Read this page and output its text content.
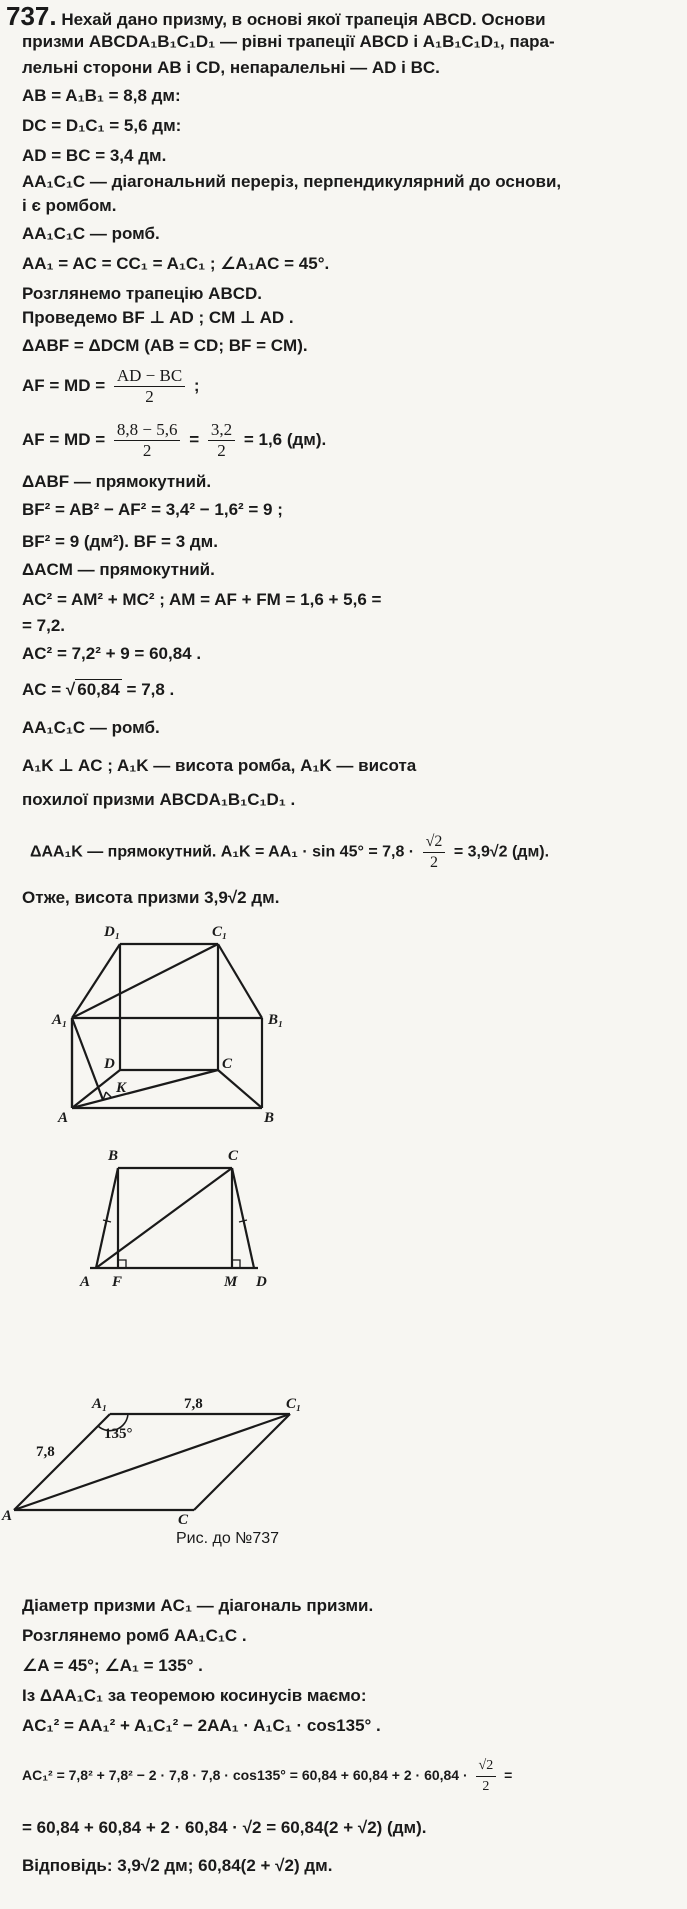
737. Нехай дано призму, в основі якої трапеція ABCD. Основи
призми ABCDA₁B₁C₁D₁ — рівні трапеції ABCD і A₁B₁C₁D₁, пара-
лельні сторони AB і CD, непаралельні — AD і BC.
AB = A₁B₁ = 8,8 дм:
DC = D₁C₁ = 5,6 дм:
AD = BC = 3,4 дм.
AA₁C₁C — діагональний переріз, перпендикулярний до основи,
і є ромбом.
AA₁C₁C — ромб.
AA₁ = AC = CC₁ = A₁C₁ ; ∠A₁AC = 45°.
Розглянемо трапецію ABCD.
Проведемо BF ⊥ AD ; CM ⊥ AD .
ΔABF = ΔDCM (AB = CD; BF = CM).
AF = MD = $\frac{AD - BC}{2}$ ;
AF = MD = $\frac{8,8 - 5,6}{2} = \frac{3,2}{2} = 1,6$ (дм).
ΔABF — прямокутний.
BF² = AB² − AF² = 3,4² − 1,6² = 9 ;
BF² = 9 (дм²). BF = 3 дм.
ΔACM — прямокутний.
AC² = AM² + MC² ; AM = AF + FM = 1,6 + 5,6 =
= 7,2.
AC² = 7,2² + 9 = 60,84 .
AC = √ 60,84 = 7,8 .
AA₁C₁C — ромб.
A₁K ⊥ AC ; A₁K — висота ромба, A₁K — висота
похилої призми ABCDA₁B₁C₁D₁ .
ΔAA₁K — прямокутний. $A_1K = AA_1 \cdot \sin 45^\circ = 7,8 \cdot \frac{√2}{2} = 3,9√2$ (дм).
Отже, висота призми 3,9√2 дм.
D₁	C₁
A₁	B₁
D	C
K
A	B
B	C
A F	M D
A₁	C₁
A	C
7,8
7,8
135°
Рис. до №737
Діаметр призми AC₁ — діагональ призми.
Розглянемо ромб AA₁C₁C .
∠A = 45°; ∠A₁ = 135° .
Із ΔAA₁C₁ за теоремою косинусів маємо:
AC₁² = AA₁² + A₁C₁² − 2AA₁ · A₁C₁ · cos135° .
$AC_1^2 = 7,8^2 + 7,8^2 - 2 \cdot 7,8 \cdot 7,8 \cdot \cos 135^\circ = 60,84 + 60,84 + 2 \cdot 60,84 \cdot \frac{√2}{2}$ =
= 60,84 + 60,84 + 2 · 60,84 · √2 = 60,84(2 + √2) (дм).
Відповідь: 3,9√2 дм; 60,84(2 + √2) дм.
